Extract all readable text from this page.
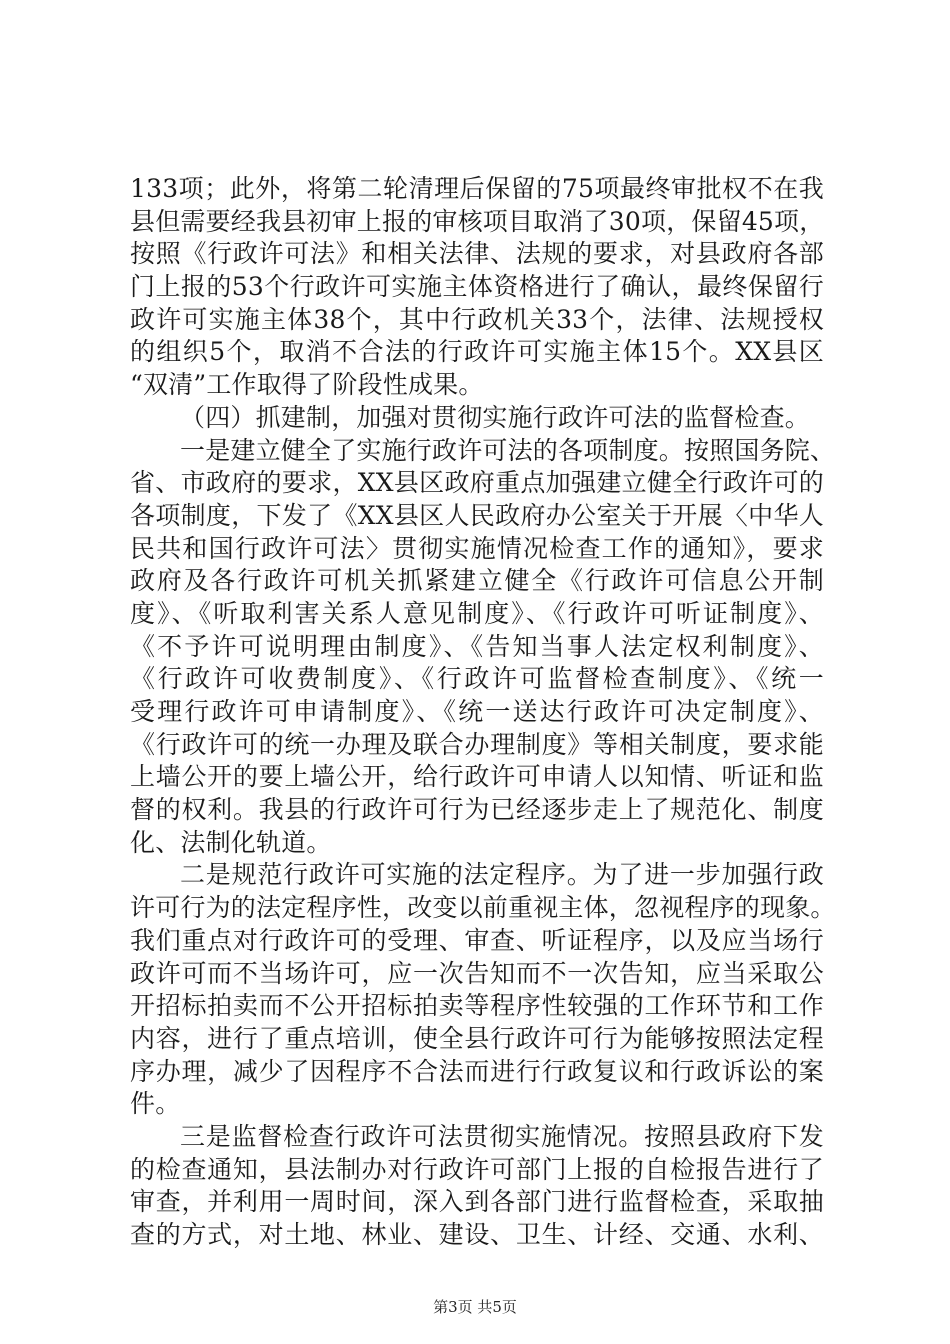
133项；此外，将第二轮清理后保留的75项最终审批权不在我
县但需要经我县初审上报的审核项目取消了30项，保留45项，
按照《行政许可法》和相关法律、法规的要求，对县政府各部
门上报的53个行政许可实施主体资格进行了确认，最终保留行
政许可实施主体38个，其中行政机关33个，法律、法规授权
的组织5个，取消不合法的行政许可实施主体15个。XX县区
“双清”工作取得了阶段性成果。
（四）抓建制，加强对贯彻实施行政许可法的监督检查。
一是建立健全了实施行政许可法的各项制度。按照国务院、
省、市政府的要求，XX县区政府重点加强建立健全行政许可的
各项制度，下发了《XX县区人民政府办公室关于开展〈中华人
民共和国行政许可法〉贯彻实施情况检查工作的通知》，要求
政府及各行政许可机关抓紧建立健全《行政许可信息公开制
度》、《听取利害关系人意见制度》、《行政许可听证制度》、
《不予许可说明理由制度》、《告知当事人法定权利制度》、
《行政许可收费制度》、《行政许可监督检查制度》、《统一
受理行政许可申请制度》、《统一送达行政许可决定制度》、
《行政许可的统一办理及联合办理制度》等相关制度，要求能
上墙公开的要上墙公开，给行政许可申请人以知情、听证和监
督的权利。我县的行政许可行为已经逐步走上了规范化、制度
化、法制化轨道。
二是规范行政许可实施的法定程序。为了进一步加强行政
许可行为的法定程序性，改变以前重视主体，忽视程序的现象。
我们重点对行政许可的受理、审查、听证程序，以及应当场行
政许可而不当场许可，应一次告知而不一次告知，应当采取公
开招标拍卖而不公开招标拍卖等程序性较强的工作环节和工作
内容，进行了重点培训，使全县行政许可行为能够按照法定程
序办理，减少了因程序不合法而进行行政复议和行政诉讼的案
件。
三是监督检查行政许可法贯彻实施情况。按照县政府下发
的检查通知，县法制办对行政许可部门上报的自检报告进行了
审查，并利用一周时间，深入到各部门进行监督检查，采取抽
查的方式，对土地、林业、建设、卫生、计经、交通、水利、
第3页 共5页
